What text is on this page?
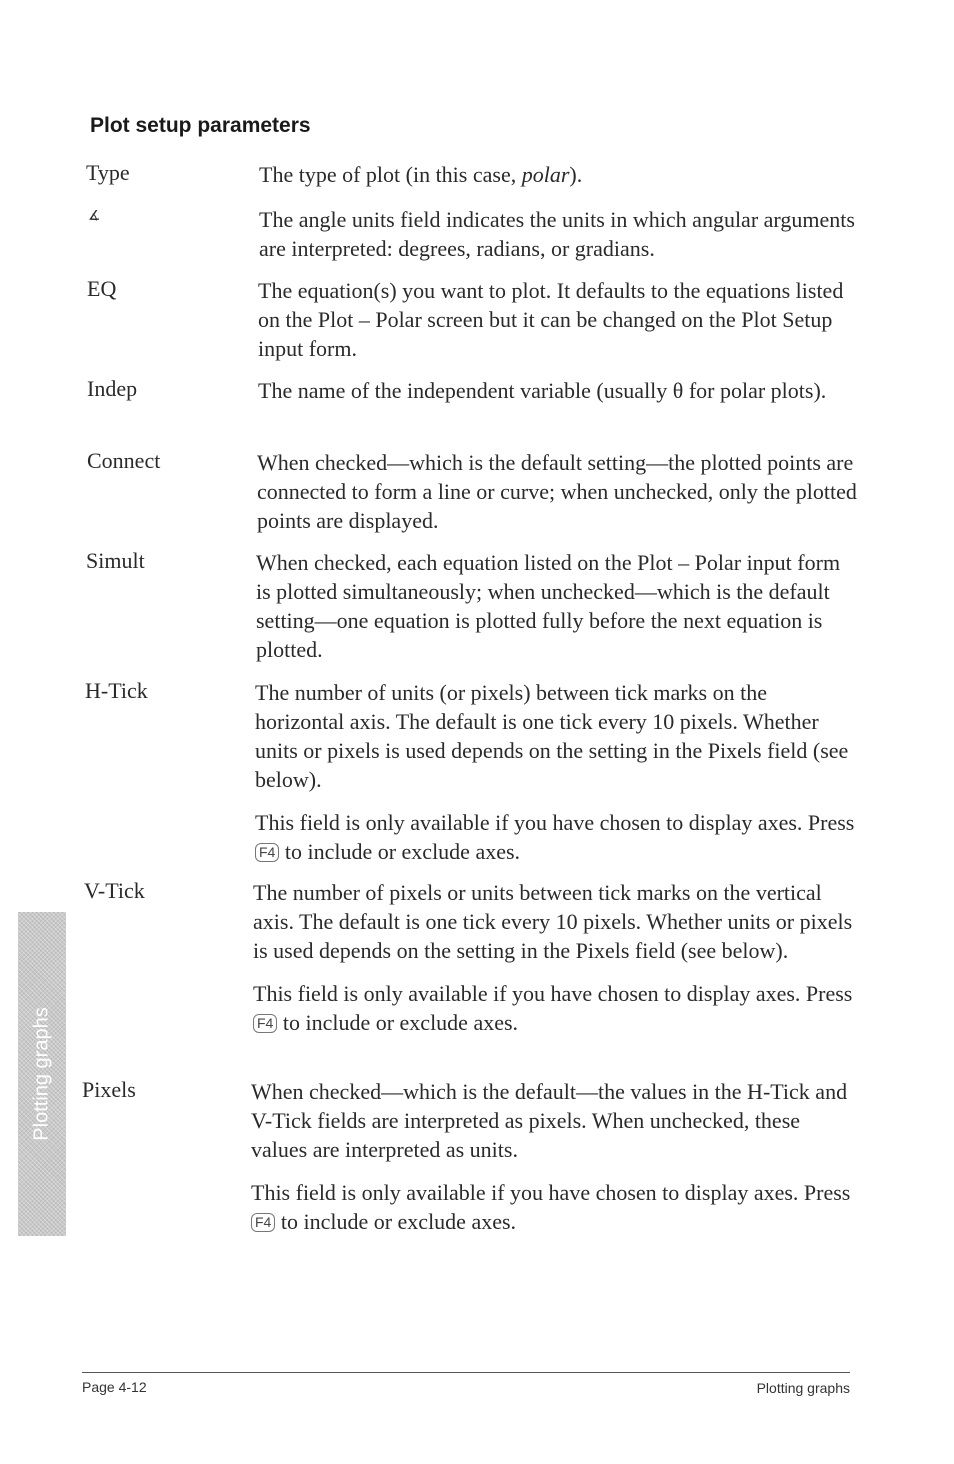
Plot setup parameters
Type	The type of plot (in this case, polar).

∡	The angle units field indicates the units in which angular arguments are interpreted: degrees, radians, or gradians.

EQ	The equation(s) you want to plot. It defaults to the equations listed on the Plot – Polar screen but it can be changed on the Plot Setup input form.

Indep	The name of the independent variable (usually θ for polar plots).

Connect	When checked—which is the default setting—the plotted points are connected to form a line or curve; when unchecked, only the plotted points are displayed.

Simult	When checked, each equation listed on the Plot – Polar input form is plotted simultaneously; when unchecked—which is the default setting—one equation is plotted fully before the next equation is plotted.

H-Tick	The number of units (or pixels) between tick marks on the horizontal axis. The default is one tick every 10 pixels. Whether units or pixels is used depends on the setting in the Pixels field (see below).

This field is only available if you have chosen to display axes. Press F4 to include or exclude axes.

V-Tick	The number of pixels or units between tick marks on the vertical axis. The default is one tick every 10 pixels. Whether units or pixels is used depends on the setting in the Pixels field (see below).

This field is only available if you have chosen to display axes. Press F4 to include or exclude axes.

Pixels	When checked—which is the default—the values in the H-Tick and V-Tick fields are interpreted as pixels. When unchecked, these values are interpreted as units.

This field is only available if you have chosen to display axes. Press F4 to include or exclude axes.

Plotting graphs
Page 4-12	Plotting graphs
